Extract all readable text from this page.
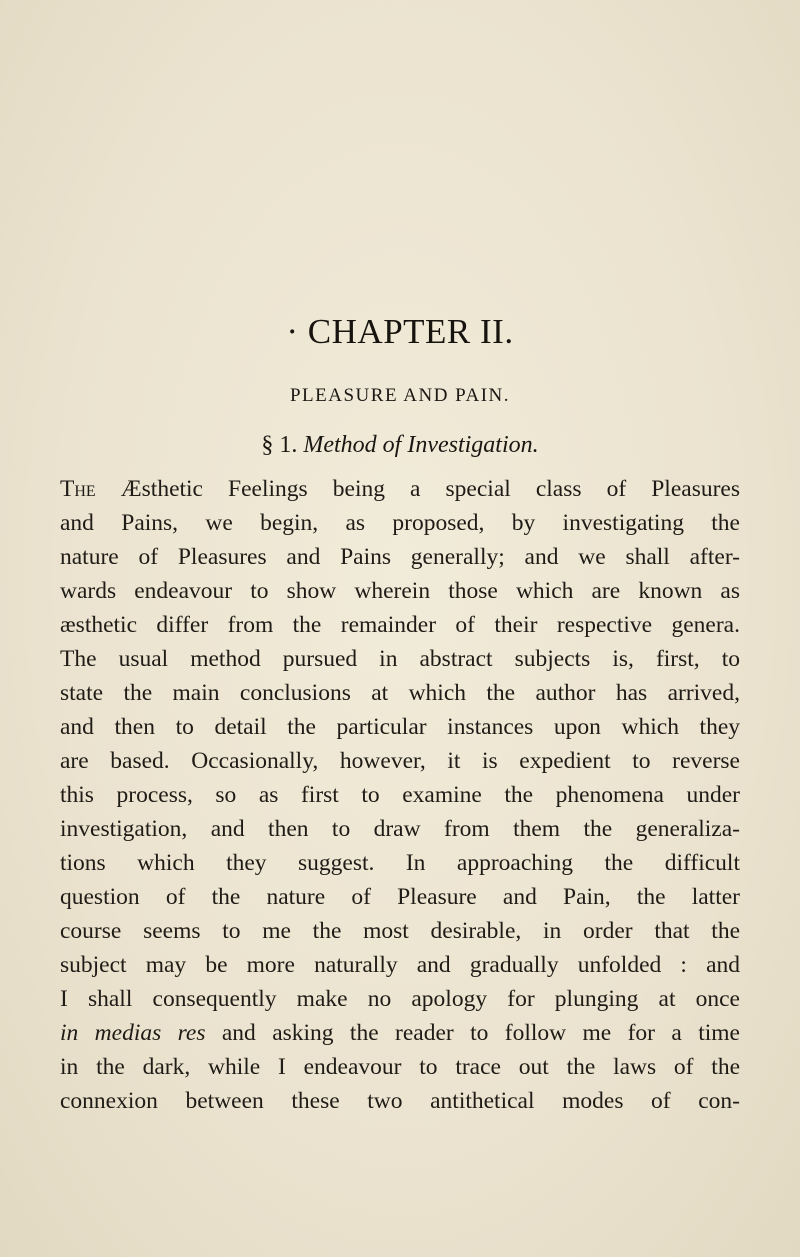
· CHAPTER II.
PLEASURE AND PAIN.
§ 1. Method of Investigation.
The Æsthetic Feelings being a special class of Pleasures
and Pains, we begin, as proposed, by investigating the
nature of Pleasures and Pains generally; and we shall after-
wards endeavour to show wherein those which are known as
æsthetic differ from the remainder of their respective genera.
The usual method pursued in abstract subjects is, first, to
state the main conclusions at which the author has arrived,
and then to detail the particular instances upon which they
are based. Occasionally, however, it is expedient to reverse
this process, so as first to examine the phenomena under
investigation, and then to draw from them the generaliza-
tions which they suggest. In approaching the difficult
question of the nature of Pleasure and Pain, the latter
course seems to me the most desirable, in order that the
subject may be more naturally and gradually unfolded : and
I shall consequently make no apology for plunging at once
in medias res and asking the reader to follow me for a time
in the dark, while I endeavour to trace out the laws of the
connexion between these two antithetical modes of con-
